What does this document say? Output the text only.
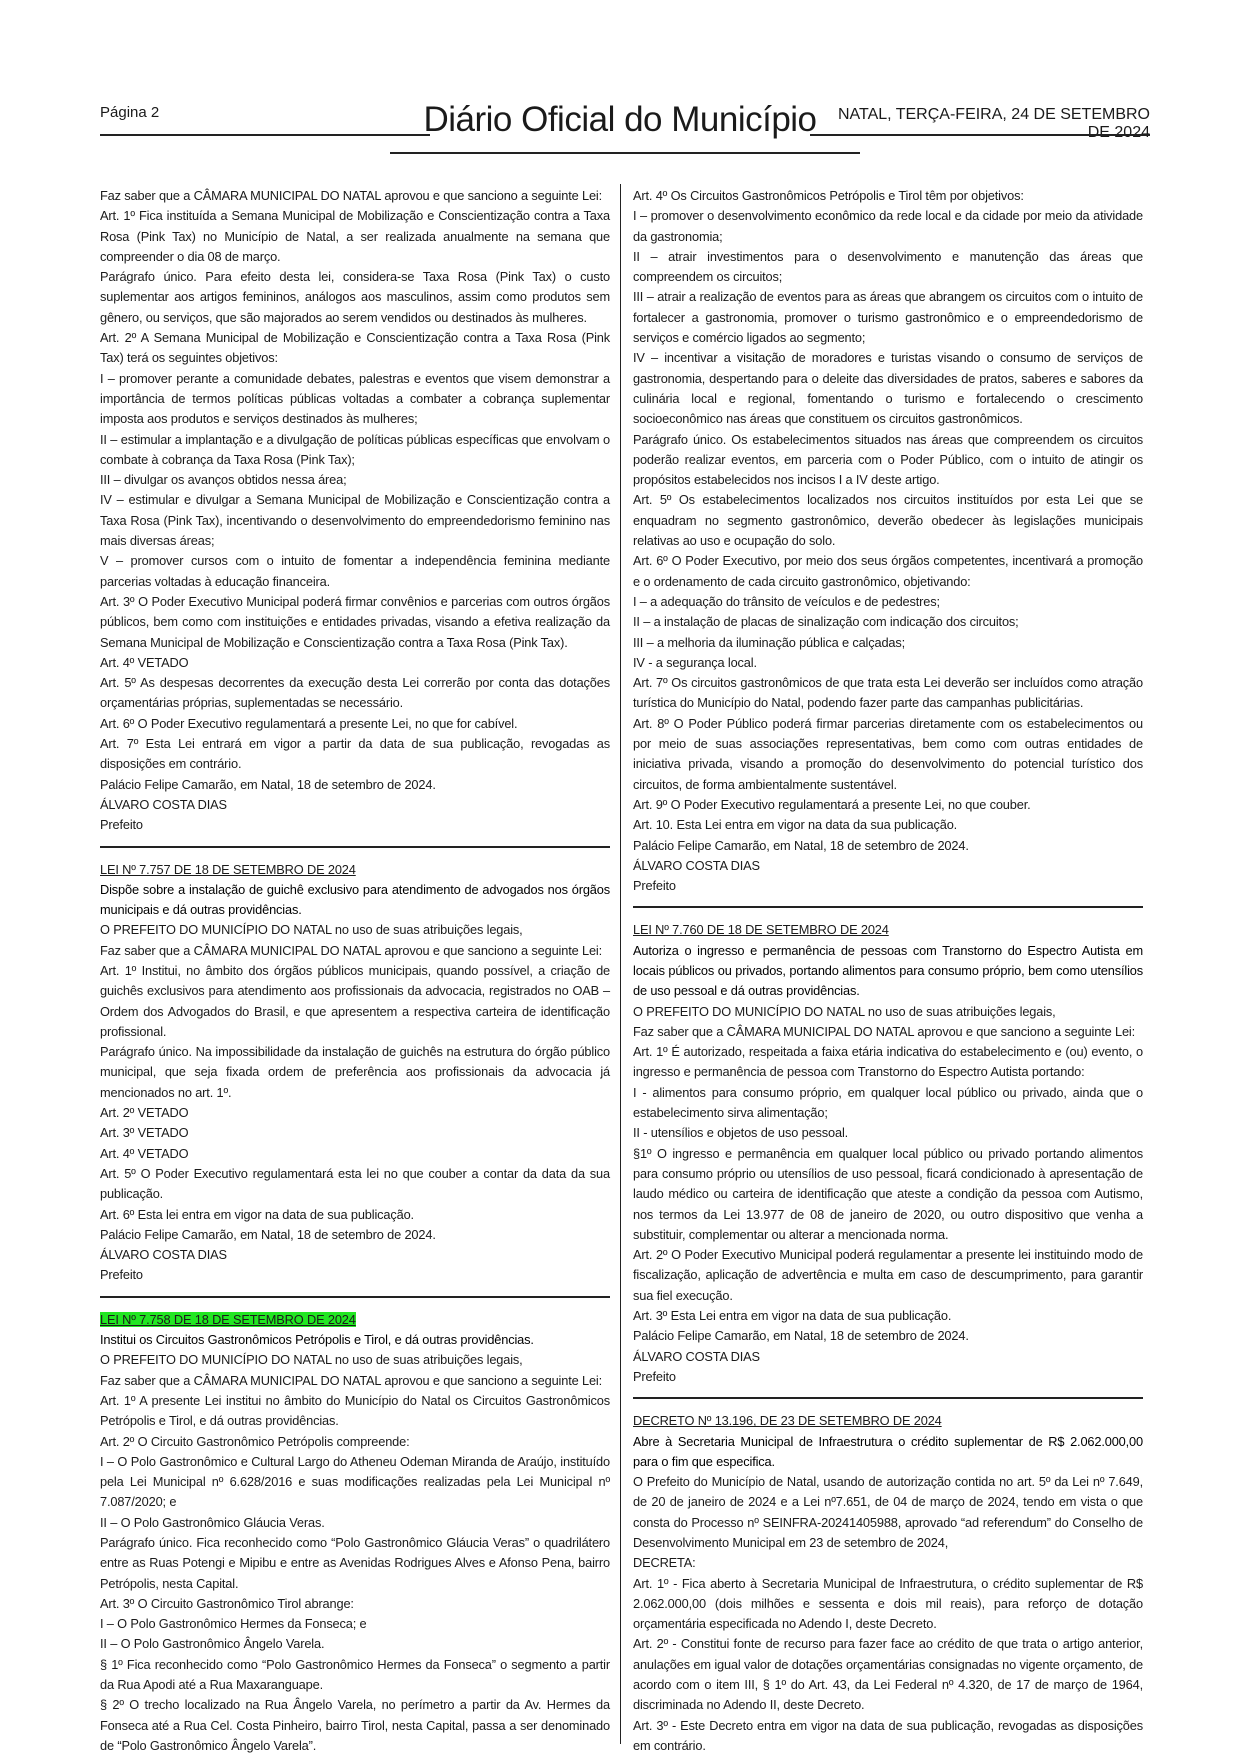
Página 2	Diário Oficial do Município	NATAL, TERÇA-FEIRA, 24 DE SETEMBRO DE 2024

Faz saber que a CÂMARA MUNICIPAL DO NATAL aprovou e que sanciono a seguinte Lei:

Art. 1º Fica instituída a Semana Municipal de Mobilização e Conscientização contra a Taxa Rosa (Pink Tax) no Município de Natal, a ser realizada anualmente na semana que compreender o dia 08 de março.

Parágrafo único. Para efeito desta lei, considera-se Taxa Rosa (Pink Tax) o custo suplementar aos artigos femininos, análogos aos masculinos, assim como produtos sem gênero, ou serviços, que são majorados ao serem vendidos ou destinados às mulheres.

Art. 2º A Semana Municipal de Mobilização e Conscientização contra a Taxa Rosa (Pink Tax) terá os seguintes objetivos:

I – promover perante a comunidade debates, palestras e eventos que visem demonstrar a importância de termos políticas públicas voltadas a combater a cobrança suplementar imposta aos produtos e serviços destinados às mulheres;

II – estimular a implantação e a divulgação de políticas públicas específicas que envolvam o combate à cobrança da Taxa Rosa (Pink Tax);

III – divulgar os avanços obtidos nessa área;

IV – estimular e divulgar a Semana Municipal de Mobilização e Conscientização contra a Taxa Rosa (Pink Tax), incentivando o desenvolvimento do empreendedorismo feminino nas mais diversas áreas;

V – promover cursos com o intuito de fomentar a independência feminina mediante parcerias voltadas à educação financeira.

Art. 3º O Poder Executivo Municipal poderá firmar convênios e parcerias com outros órgãos públicos, bem como com instituições e entidades privadas, visando a efetiva realização da Semana Municipal de Mobilização e Conscientização contra a Taxa Rosa (Pink Tax).

Art. 4º VETADO

Art. 5º As despesas decorrentes da execução desta Lei correrão por conta das dotações orçamentárias próprias, suplementadas se necessário.

Art. 6º O Poder Executivo regulamentará a presente Lei, no que for cabível.

Art. 7º Esta Lei entrará em vigor a partir da data de sua publicação, revogadas as disposições em contrário.

Palácio Felipe Camarão, em Natal, 18 de setembro de 2024.

ÁLVARO COSTA DIAS

Prefeito

LEI Nº 7.757 DE 18 DE SETEMBRO DE 2024

Dispõe sobre a instalação de guichê exclusivo para atendimento de advogados nos órgãos municipais e dá outras providências.

O PREFEITO DO MUNICÍPIO DO NATAL no uso de suas atribuições legais,

Faz saber que a CÂMARA MUNICIPAL DO NATAL aprovou e que sanciono a seguinte Lei:

Art. 1º Institui, no âmbito dos órgãos públicos municipais, quando possível, a criação de guichês exclusivos para atendimento aos profissionais da advocacia, registrados no OAB – Ordem dos Advogados do Brasil, e que apresentem a respectiva carteira de identificação profissional.

Parágrafo único. Na impossibilidade da instalação de guichês na estrutura do órgão público municipal, que seja fixada ordem de preferência aos profissionais da advocacia já mencionados no art. 1º.

Art. 2º VETADO

Art. 3º VETADO

Art. 4º VETADO

Art. 5º O Poder Executivo regulamentará esta lei no que couber a contar da data da sua publicação.

Art. 6º Esta lei entra em vigor na data de sua publicação.

Palácio Felipe Camarão, em Natal, 18 de setembro de 2024.

ÁLVARO COSTA DIAS

Prefeito

LEI Nº 7.758 DE 18 DE SETEMBRO DE 2024

Institui os Circuitos Gastronômicos Petrópolis e Tirol, e dá outras providências.

O PREFEITO DO MUNICÍPIO DO NATAL no uso de suas atribuições legais,

Faz saber que a CÂMARA MUNICIPAL DO NATAL aprovou e que sanciono a seguinte Lei:

Art. 1º A presente Lei institui no âmbito do Município do Natal os Circuitos Gastronômicos Petrópolis e Tirol, e dá outras providências.

Art. 2º O Circuito Gastronômico Petrópolis compreende:

I – O Polo Gastronômico e Cultural Largo do Atheneu Odeman Miranda de Araújo, instituído pela Lei Municipal nº 6.628/2016 e suas modificações realizadas pela Lei Municipal nº 7.087/2020; e

II – O Polo Gastronômico Gláucia Veras.

Parágrafo único. Fica reconhecido como “Polo Gastronômico Gláucia Veras” o quadrilátero entre as Ruas Potengi e Mipibu e entre as Avenidas Rodrigues Alves e Afonso Pena, bairro Petrópolis, nesta Capital.

Art. 3º O Circuito Gastronômico Tirol abrange:

I – O Polo Gastronômico Hermes da Fonseca; e

II – O Polo Gastronômico Ângelo Varela.

§ 1º Fica reconhecido como “Polo Gastronômico Hermes da Fonseca” o segmento a partir da Rua Apodi até a Rua Maxaranguape.

§ 2º O trecho localizado na Rua Ângelo Varela, no perímetro a partir da Av. Hermes da Fonseca até a Rua Cel. Costa Pinheiro, bairro Tirol, nesta Capital, passa a ser denominado de “Polo Gastronômico Ângelo Varela”.

Art. 4º Os Circuitos Gastronômicos Petrópolis e Tirol têm por objetivos:

I – promover o desenvolvimento econômico da rede local e da cidade por meio da atividade da gastronomia;

II – atrair investimentos para o desenvolvimento e manutenção das áreas que compreendem os circuitos;

III – atrair a realização de eventos para as áreas que abrangem os circuitos com o intuito de fortalecer a gastronomia, promover o turismo gastronômico e o empreendedorismo de serviços e comércio ligados ao segmento;

IV – incentivar a visitação de moradores e turistas visando o consumo de serviços de gastronomia, despertando para o deleite das diversidades de pratos, saberes e sabores da culinária local e regional, fomentando o turismo e fortalecendo o crescimento socioeconômico nas áreas que constituem os circuitos gastronômicos.

Parágrafo único. Os estabelecimentos situados nas áreas que compreendem os circuitos poderão realizar eventos, em parceria com o Poder Público, com o intuito de atingir os propósitos estabelecidos nos incisos I a IV deste artigo.

Art. 5º Os estabelecimentos localizados nos circuitos instituídos por esta Lei que se enquadram no segmento gastronômico, deverão obedecer às legislações municipais relativas ao uso e ocupação do solo.

Art. 6º O Poder Executivo, por meio dos seus órgãos competentes, incentivará a promoção e o ordenamento de cada circuito gastronômico, objetivando:

I – a adequação do trânsito de veículos e de pedestres;

II – a instalação de placas de sinalização com indicação dos circuitos;

III – a melhoria da iluminação pública e calçadas;

IV - a segurança local.

Art. 7º Os circuitos gastronômicos de que trata esta Lei deverão ser incluídos como atração turística do Município do Natal, podendo fazer parte das campanhas publicitárias.

Art. 8º O Poder Público poderá firmar parcerias diretamente com os estabelecimentos ou por meio de suas associações representativas, bem como com outras entidades de iniciativa privada, visando a promoção do desenvolvimento do potencial turístico dos circuitos, de forma ambientalmente sustentável.

Art. 9º O Poder Executivo regulamentará a presente Lei, no que couber.

Art. 10. Esta Lei entra em vigor na data da sua publicação.

Palácio Felipe Camarão, em Natal, 18 de setembro de 2024.

ÁLVARO COSTA DIAS

Prefeito

LEI Nº 7.760 DE 18 DE SETEMBRO DE 2024

Autoriza o ingresso e permanência de pessoas com Transtorno do Espectro Autista em locais públicos ou privados, portando alimentos para consumo próprio, bem como utensílios de uso pessoal e dá outras providências.

O PREFEITO DO MUNICÍPIO DO NATAL no uso de suas atribuições legais,

Faz saber que a CÂMARA MUNICIPAL DO NATAL aprovou e que sanciono a seguinte Lei:

Art. 1º É autorizado, respeitada a faixa etária indicativa do estabelecimento e (ou) evento, o ingresso e permanência de pessoa com Transtorno do Espectro Autista portando:

I - alimentos para consumo próprio, em qualquer local público ou privado, ainda que o estabelecimento sirva alimentação;

II - utensílios e objetos de uso pessoal.

§1º O ingresso e permanência em qualquer local público ou privado portando alimentos para consumo próprio ou utensílios de uso pessoal, ficará condicionado à apresentação de laudo médico ou carteira de identificação que ateste a condição da pessoa com Autismo, nos termos da Lei 13.977 de 08 de janeiro de 2020, ou outro dispositivo que venha a substituir, complementar ou alterar a mencionada norma.

Art. 2º O Poder Executivo Municipal poderá regulamentar a presente lei instituindo modo de fiscalização, aplicação de advertência e multa em caso de descumprimento, para garantir sua fiel execução.

Art. 3º Esta Lei entra em vigor na data de sua publicação.

Palácio Felipe Camarão, em Natal, 18 de setembro de 2024.

ÁLVARO COSTA DIAS

Prefeito

DECRETO Nº 13.196, DE 23 DE SETEMBRO DE 2024

Abre à Secretaria Municipal de Infraestrutura o crédito suplementar de R$ 2.062.000,00 para o fim que especifica.

O Prefeito do Município de Natal, usando de autorização contida no art. 5º da Lei nº 7.649, de 20 de janeiro de 2024 e a Lei nº7.651, de 04 de março de 2024, tendo em vista o que consta do Processo nº SEINFRA-20241405988, aprovado “ad referendum” do Conselho de Desenvolvimento Municipal em 23 de setembro de 2024,

DECRETA:

Art. 1º - Fica aberto à Secretaria Municipal de Infraestrutura, o crédito suplementar de R$ 2.062.000,00 (dois milhões e sessenta e dois mil reais), para reforço de dotação orçamentária especificada no Adendo I, deste Decreto.

Art. 2º - Constitui fonte de recurso para fazer face ao crédito de que trata o artigo anterior, anulações em igual valor de dotações orçamentárias consignadas no vigente orçamento, de acordo com o item III, § 1º do Art. 43, da Lei Federal nº 4.320, de 17 de março de 1964, discriminada no Adendo II, deste Decreto.

Art. 3º - Este Decreto entra em vigor na data de sua publicação, revogadas as disposições em contrário.
